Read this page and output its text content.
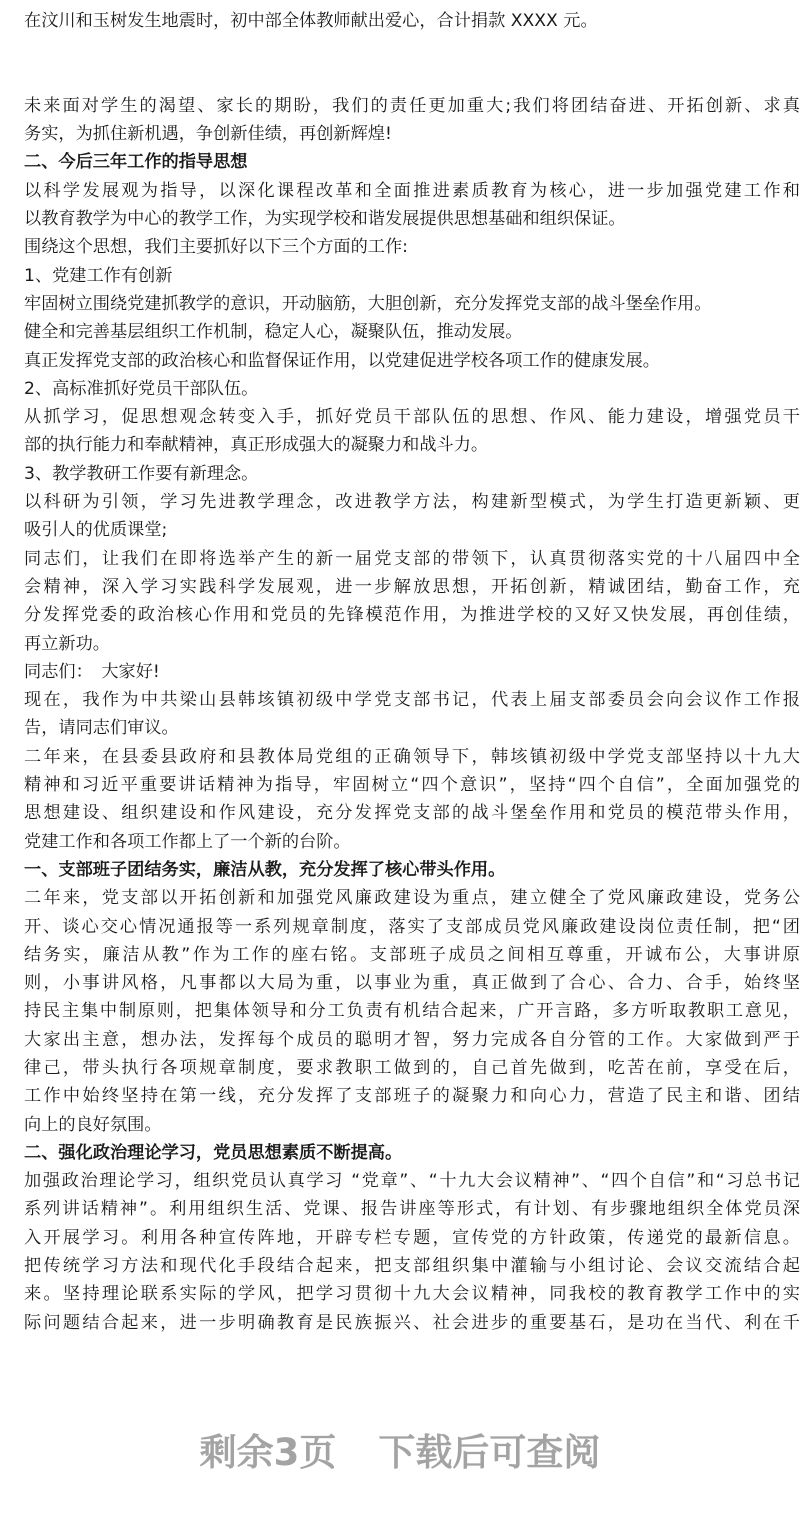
在汶川和玉树发生地震时，初中部全体教师献出爱心，合计捐款 XXXX 元。
未来面对学生的渴望、家长的期盼，我们的责任更加重大;我们将团结奋进、开拓创新、求真
务实，为抓住新机遇，争创新佳绩，再创新辉煌!
二、今后三年工作的指导思想
以科学发展观为指导，以深化课程改革和全面推进素质教育为核心，进一步加强党建工作和
以教育教学为中心的教学工作，为实现学校和谐发展提供思想基础和组织保证。
围绕这个思想，我们主要抓好以下三个方面的工作:
1、党建工作有创新
牢固树立围绕党建抓教学的意识，开动脑筋，大胆创新，充分发挥党支部的战斗堡垒作用。
健全和完善基层组织工作机制，稳定人心，凝聚队伍，推动发展。
真正发挥党支部的政治核心和监督保证作用，以党建促进学校各项工作的健康发展。
2、高标准抓好党员干部队伍。
从抓学习，促思想观念转变入手，抓好党员干部队伍的思想、作风、能力建设，增强党员干
部的执行能力和奉献精神，真正形成强大的凝聚力和战斗力。
3、教学教研工作要有新理念。
以科研为引领，学习先进教学理念，改进教学方法，构建新型模式，为学生打造更新颖、更
吸引人的优质课堂;
同志们，让我们在即将选举产生的新一届党支部的带领下，认真贯彻落实党的十八届四中全
会精神，深入学习实践科学发展观，进一步解放思想，开拓创新，精诚团结，勤奋工作，充
分发挥党委的政治核心作用和党员的先锋模范作用，为推进学校的又好又快发展，再创佳绩，
再立新功。
同志们：　大家好!
现在，我作为中共梁山县韩垓镇初级中学党支部书记，代表上届支部委员会向会议作工作报
告，请同志们审议。
二年来，在县委县政府和县教体局党组的正确领导下，韩垓镇初级中学党支部坚持以十九大
精神和习近平重要讲话精神为指导，牢固树立“四个意识”，坚持“四个自信”，全面加强党的
思想建设、组织建设和作风建设，充分发挥党支部的战斗堡垒作用和党员的模范带头作用，
党建工作和各项工作都上了一个新的台阶。
一、支部班子团结务实，廉洁从教，充分发挥了核心带头作用。
二年来，党支部以开拓创新和加强党风廉政建设为重点，建立健全了党风廉政建设，党务公
开、谈心交心情况通报等一系列规章制度，落实了支部成员党风廉政建设岗位责任制，把“团
结务实，廉洁从教”作为工作的座右铭。支部班子成员之间相互尊重，开诚布公，大事讲原
则，小事讲风格，凡事都以大局为重，以事业为重，真正做到了合心、合力、合手，始终坚
持民主集中制原则，把集体领导和分工负责有机结合起来，广开言路，多方听取教职工意见，
大家出主意，想办法，发挥每个成员的聪明才智，努力完成各自分管的工作。大家做到严于
律己，带头执行各项规章制度，要求教职工做到的，自己首先做到，吃苦在前，享受在后，
工作中始终坚持在第一线，充分发挥了支部班子的凝聚力和向心力，营造了民主和谐、团结
向上的良好氛围。
二、强化政治理论学习，党员思想素质不断提高。
加强政治理论学习，组织党员认真学习 “党章”、“十九大会议精神”、“四个自信”和“习总书记
系列讲话精神”。利用组织生活、党课、报告讲座等形式，有计划、有步骤地组织全体党员深
入开展学习。利用各种宣传阵地，开辟专栏专题，宣传党的方针政策，传递党的最新信息。
把传统学习方法和现代化手段结合起来，把支部组织集中灌输与小组讨论、会议交流结合起
来。坚持理论联系实际的学风，把学习贯彻十九大会议精神，同我校的教育教学工作中的实
际问题结合起来，进一步明确教育是民族振兴、社会进步的重要基石，是功在当代、利在千
剩余3页 下载后可查阅
